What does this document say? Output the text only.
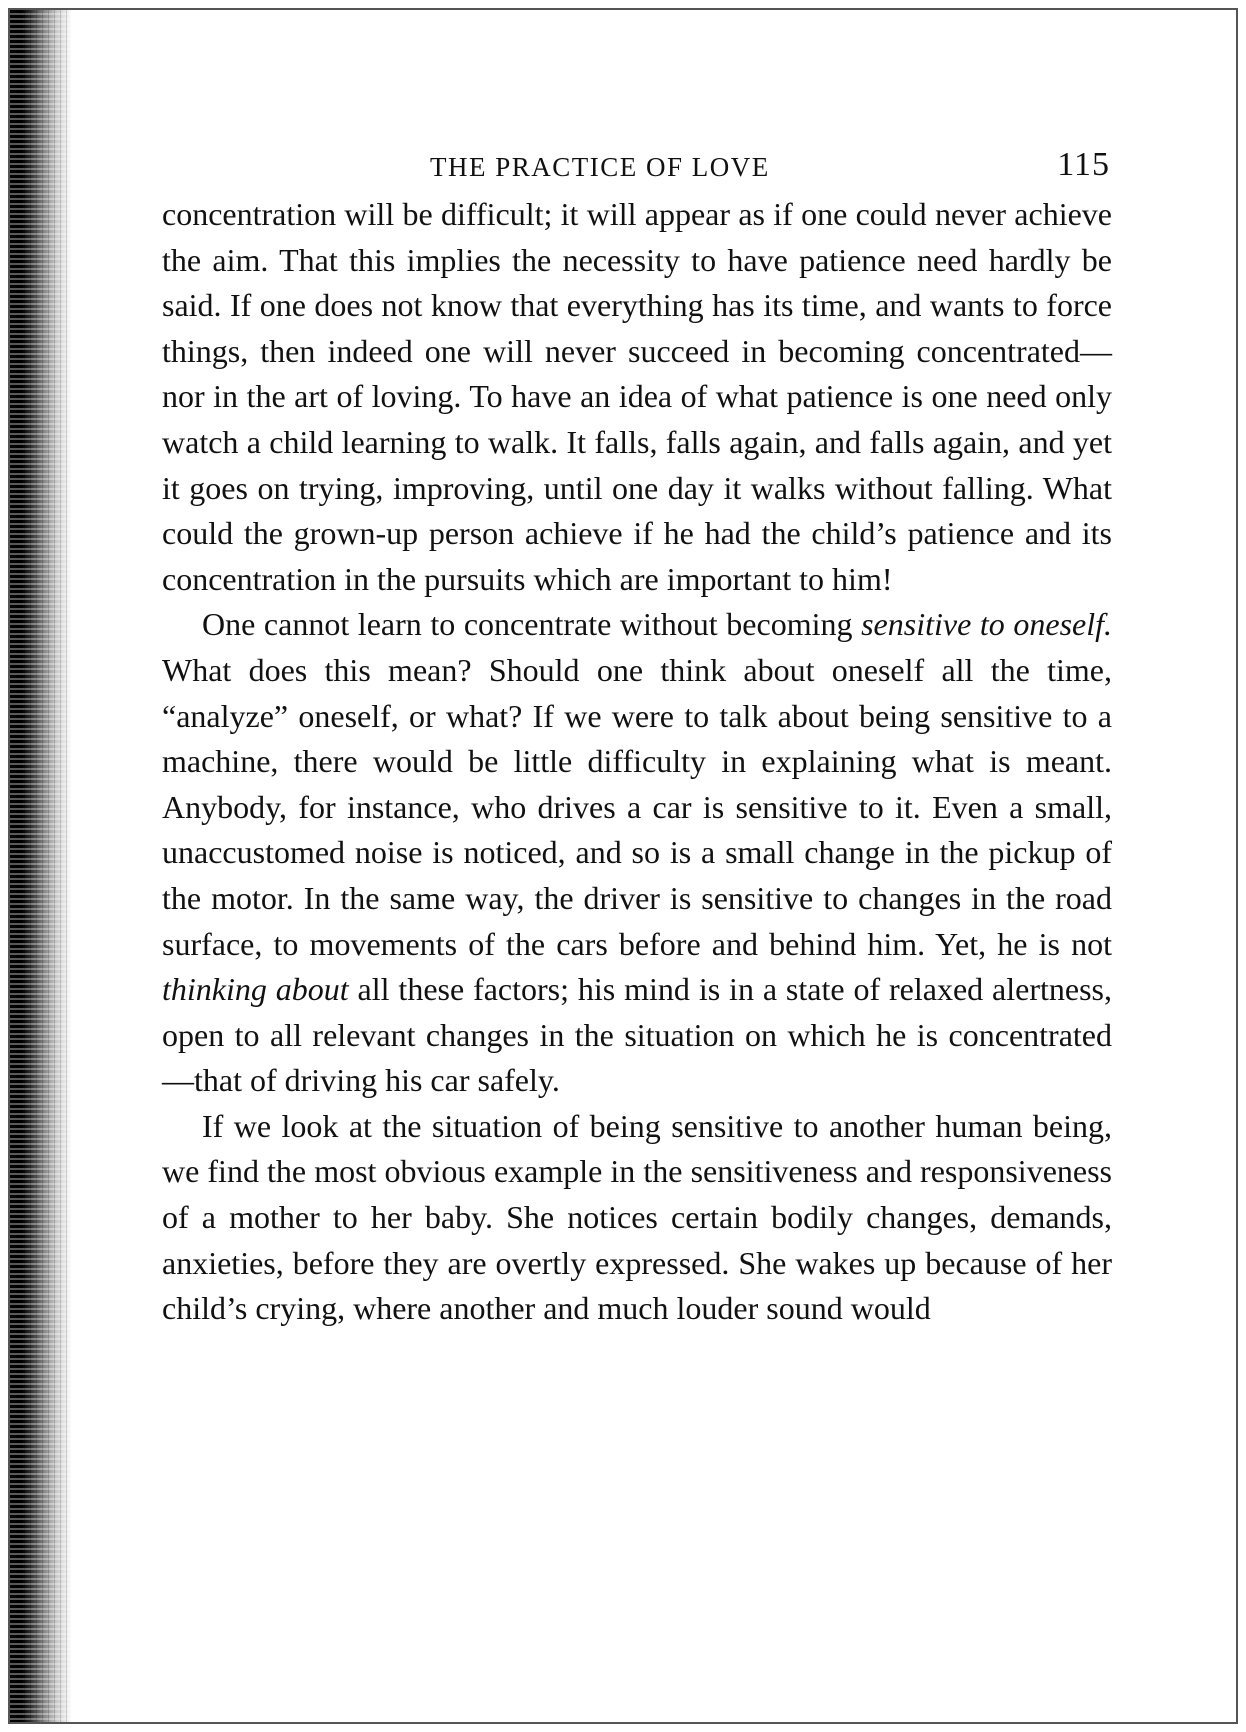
THE PRACTICE OF LOVE	115

concentration will be difficult; it will appear as if one could never achieve the aim. That this implies the necessity to have patience need hardly be said. If one does not know that everything has its time, and wants to force things, then indeed one will never succeed in becoming concentrated—nor in the art of loving. To have an idea of what patience is one need only watch a child learning to walk. It falls, falls again, and falls again, and yet it goes on trying, improving, until one day it walks without falling. What could the grown-up person achieve if he had the child’s patience and its concentration in the pursuits which are important to him!

One cannot learn to concentrate without becoming sensitive to oneself. What does this mean? Should one think about oneself all the time, “analyze” oneself, or what? If we were to talk about being sensitive to a machine, there would be little difficulty in explaining what is meant. Anybody, for instance, who drives a car is sensitive to it. Even a small, unaccustomed noise is noticed, and so is a small change in the pickup of the motor. In the same way, the driver is sensitive to changes in the road surface, to movements of the cars before and behind him. Yet, he is not thinking about all these factors; his mind is in a state of relaxed alertness, open to all relevant changes in the situation on which he is concentrated—that of driving his car safely.

If we look at the situation of being sensitive to another human being, we find the most obvious example in the sensitiveness and responsiveness of a mother to her baby. She notices certain bodily changes, demands, anxieties, before they are overtly expressed. She wakes up because of her child’s crying, where another and much louder sound would
